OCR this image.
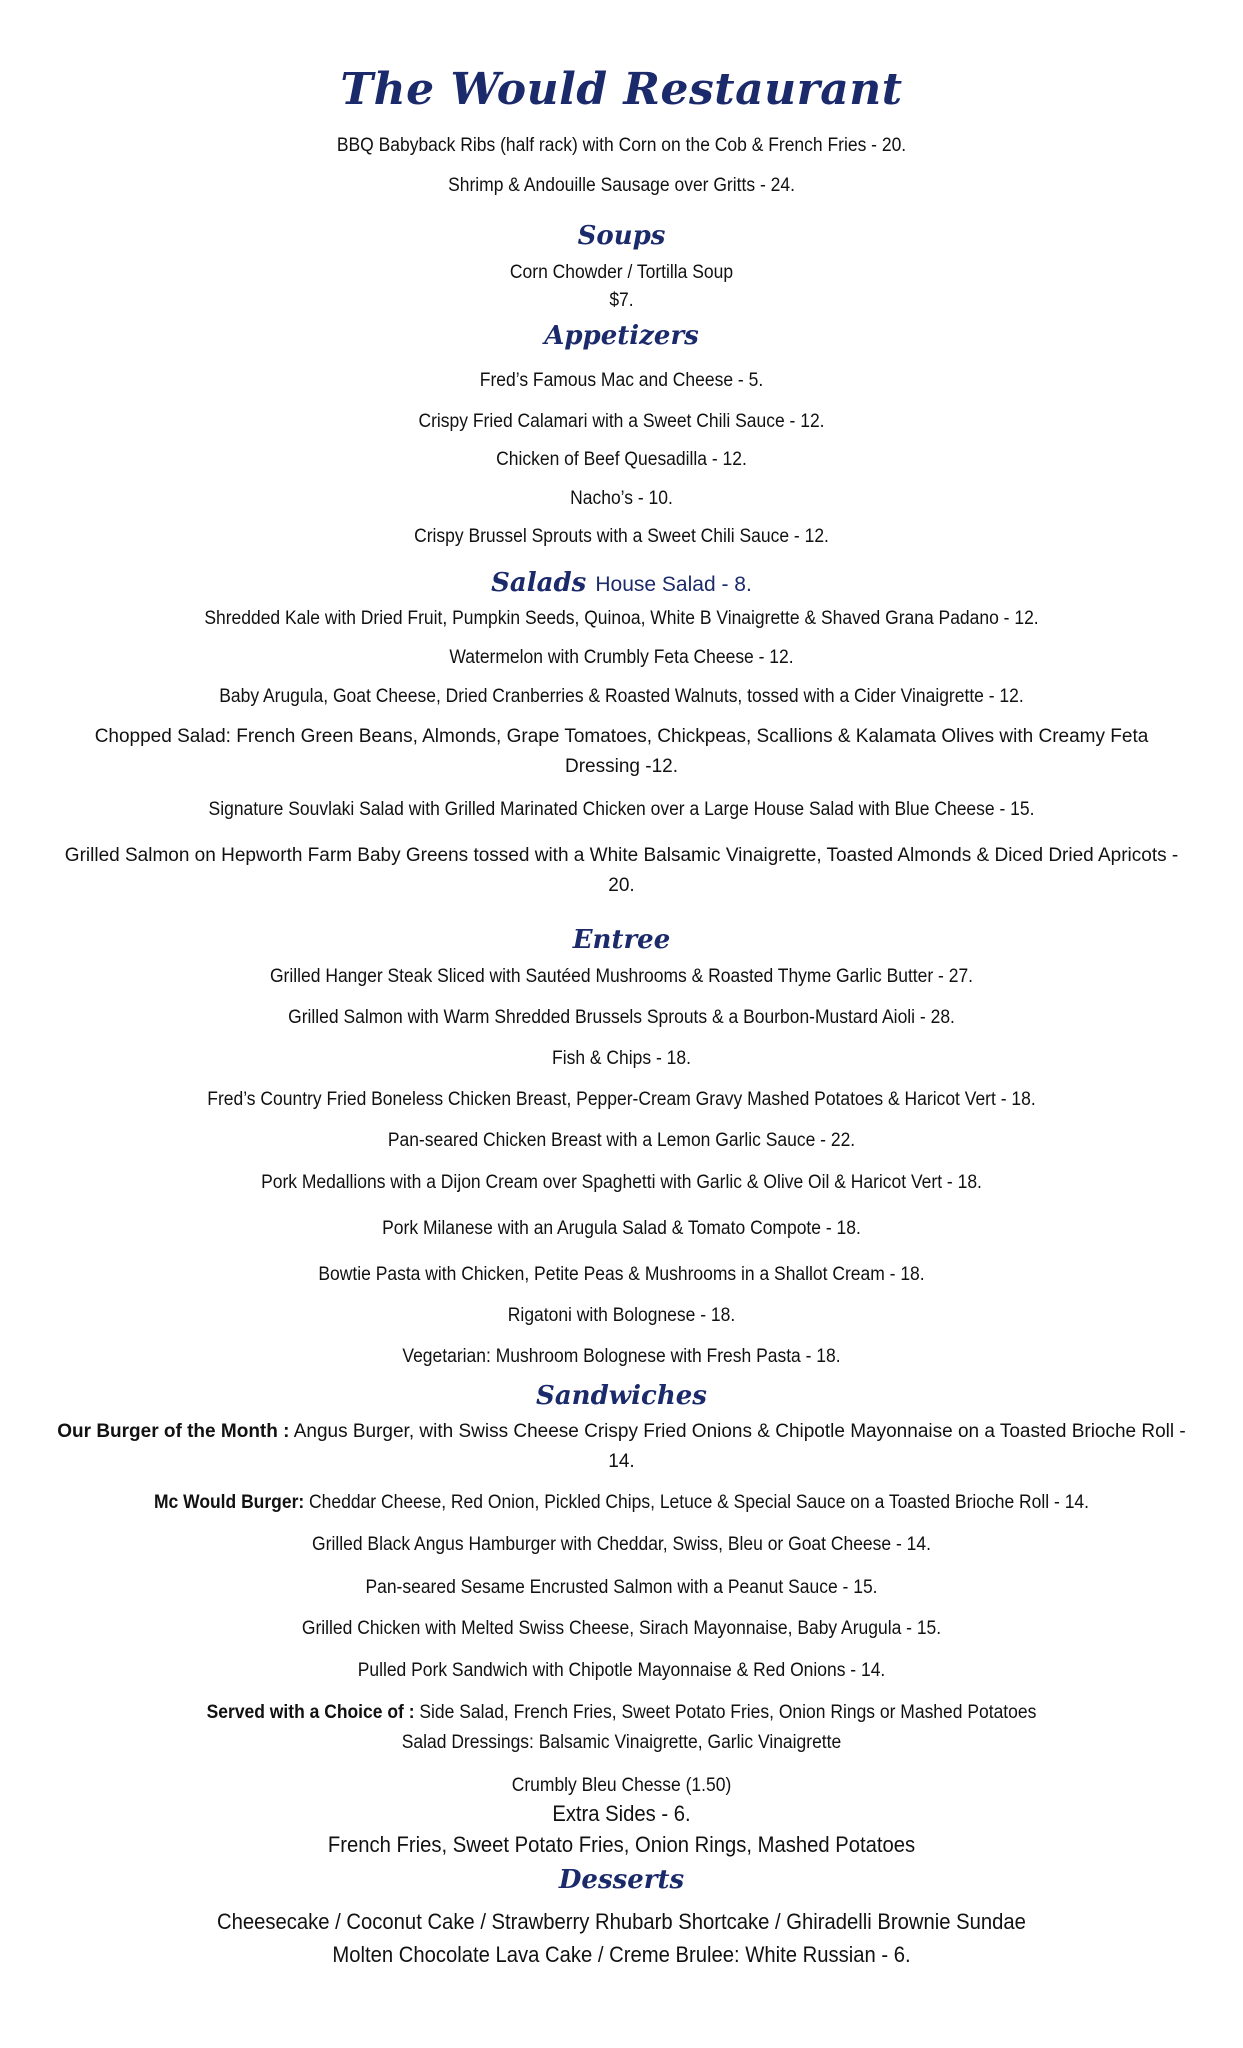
The Would Restaurant
BBQ Babyback Ribs (half rack) with Corn on the Cob & French Fries - 20.
Shrimp & Andouille Sausage over Gritts - 24.
Soups
Corn Chowder / Tortilla Soup
$7.
Appetizers
Fred’s Famous Mac and Cheese - 5.
Crispy Fried Calamari with a Sweet Chili Sauce - 12.
Chicken of Beef Quesadilla - 12.
Nacho’s - 10.
Crispy Brussel Sprouts with a Sweet Chili Sauce - 12.
Salads House Salad - 8.
Shredded Kale with Dried Fruit, Pumpkin Seeds, Quinoa, White B Vinaigrette & Shaved Grana Padano - 12.
Watermelon with Crumbly Feta Cheese - 12.
Baby Arugula, Goat Cheese, Dried Cranberries & Roasted Walnuts, tossed with a Cider Vinaigrette - 12.
Chopped Salad: French Green Beans, Almonds, Grape Tomatoes, Chickpeas, Scallions & Kalamata Olives with Creamy Feta Dressing -12.
Signature Souvlaki Salad with Grilled Marinated Chicken over a Large House Salad with Blue Cheese - 15.
Grilled Salmon on Hepworth Farm Baby Greens tossed with a White Balsamic Vinaigrette, Toasted Almonds & Diced Dried Apricots - 20.
Entree
Grilled Hanger Steak Sliced with Sautéed Mushrooms & Roasted Thyme Garlic Butter - 27.
Grilled Salmon with Warm Shredded Brussels Sprouts & a Bourbon-Mustard Aioli - 28.
Fish & Chips - 18.
Fred’s Country Fried Boneless Chicken Breast, Pepper-Cream Gravy Mashed Potatoes & Haricot Vert - 18.
Pan-seared Chicken Breast with a Lemon Garlic Sauce - 22.
Pork Medallions with a Dijon Cream over Spaghetti with Garlic & Olive Oil & Haricot Vert - 18.
Pork Milanese with an Arugula Salad & Tomato Compote - 18.
Bowtie Pasta with Chicken, Petite Peas & Mushrooms in a Shallot Cream - 18.
Rigatoni with Bolognese - 18.
Vegetarian: Mushroom Bolognese with Fresh Pasta - 18.
Sandwiches
Our Burger of the Month : Angus Burger, with Swiss Cheese Crispy Fried Onions & Chipotle Mayonnaise on a Toasted Brioche Roll - 14.
Mc Would Burger: Cheddar Cheese, Red Onion, Pickled Chips, Letuce & Special Sauce on a Toasted Brioche Roll - 14.
Grilled Black Angus Hamburger with Cheddar, Swiss, Bleu or Goat Cheese - 14.
Pan-seared Sesame Encrusted Salmon with a Peanut Sauce - 15.
Grilled Chicken with Melted Swiss Cheese, Sirach Mayonnaise, Baby Arugula - 15.
Pulled Pork Sandwich with Chipotle Mayonnaise & Red Onions - 14.
Served with a Choice of : Side Salad, French Fries, Sweet Potato Fries, Onion Rings or Mashed Potatoes
Salad Dressings: Balsamic Vinaigrette, Garlic Vinaigrette
Crumbly Bleu Chesse (1.50)
Extra Sides - 6.
French Fries, Sweet Potato Fries, Onion Rings, Mashed Potatoes
Desserts
Cheesecake / Coconut Cake / Strawberry Rhubarb Shortcake / Ghiradelli Brownie Sundae
Molten Chocolate Lava Cake / Creme Brulee: White Russian - 6.
